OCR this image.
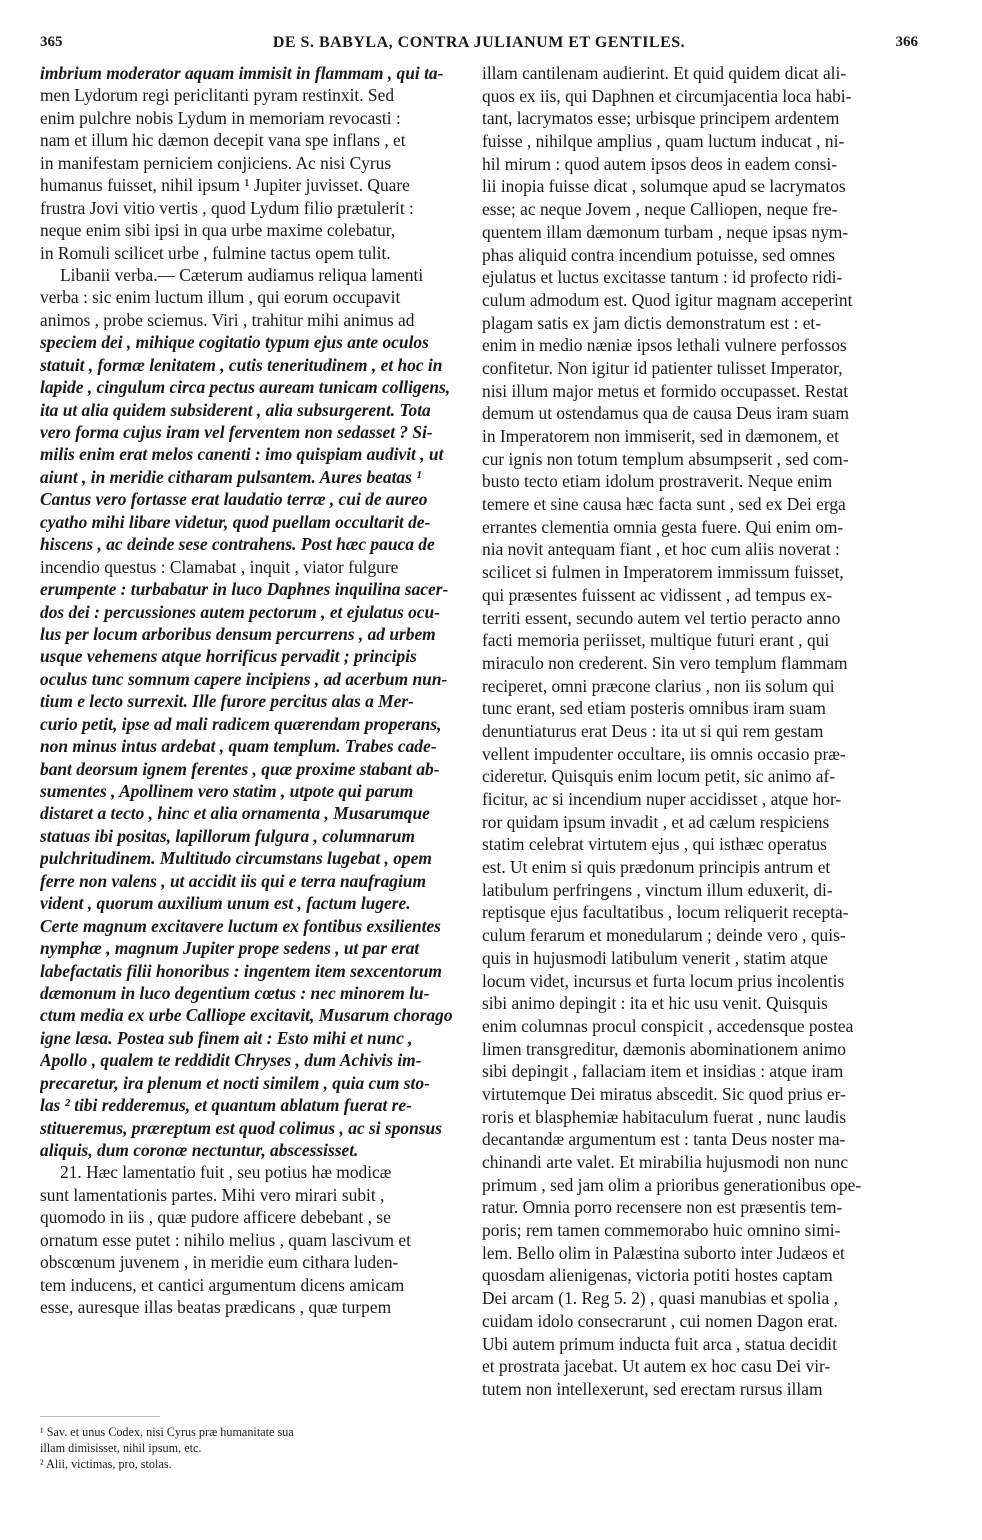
365	DE S. BABYLA, CONTRA JULIANUM ET GENTILES.	366
imbrium moderator aquam immisit in flammam , qui ta-
men Lydorum regi periclitanti pyram restinxit. Sed
enim pulchre nobis Lydum in memoriam revocasti :
nam et illum hic dæmon decepit vana spe inflans , et
in manifestam perniciem conjiciens. Ac nisi Cyrus
humanus fuisset, nihil ipsum ¹ Jupiter juvisset. Quare
frustra Jovi vitio vertis , quod Lydum filio prætulerit :
neque enim sibi ipsi in qua urbe maxime colebatur,
in Romuli scilicet urbe , fulmine tactus opem tulit.
Libanii verba.— Cæterum audiamus reliqua lamenti
verba : sic enim luctum illum , qui eorum occupavit
animos , probe sciemus. Viri , trahitur mihi animus ad
speciem dei , mihique cogitatio typum ejus ante oculos
statuit , formæ lenitatem , cutis teneritudinem , et hoc in
lapide , cingulum circa pectus auream tunicam colligens,
ita ut alia quidem subsiderent , alia subsurgerent. Tota
vero forma cujus iram vel ferventem non sedasset ? Si-
milis enim erat melos canenti : imo quispiam audivit , ut
aiunt , in meridie citharam pulsantem. Aures beatas ¹
Cantus vero fortasse erat laudatio terræ , cui de aureo
cyatho mihi libare videtur, quod puellam occultarit de-
hiscens , ac deinde sese contrahens. Post hæc pauca de
incendio questus : Clamabat , inquit , viator fulgure
erumpente : turbabatur in luco Daphnes inquilina sacer-
dos dei : percussiones autem pectorum , et ejulatus ocu-
lus per locum arboribus densum percurrens , ad urbem
usque vehemens atque horrificus pervadit ; principis
oculus tunc somnum capere incipiens , ad acerbum nun-
tium e lecto surrexit. Ille furore percitus alas a Mer-
curio petit, ipse ad mali radicem quærendam properans,
non minus intus ardebat , quam templum. Trabes cade-
bant deorsum ignem ferentes , quæ proxime stabant ab-
sumentes , Apollinem vero statim , utpote qui parum
distaret a tecto , hinc et alia ornamenta , Musarumque
statuas ibi positas, lapillorum fulgura , columnarum
pulchritudinem. Multitudo circumstans lugebat , opem
ferre non valens , ut accidit iis qui e terra naufragium
vident , quorum auxilium unum est , factum lugere.
Certe magnum excitavere luctum ex fontibus exsilientes
nymphæ , magnum Jupiter prope sedens , ut par erat
labefactatis filii honoribus : ingentem item sexcentorum
dæmonum in luco degentium cœtus : nec minorem lu-
ctum media ex urbe Calliope excitavit, Musarum chorago
igne læsa. Postea sub finem ait : Esto mihi et nunc ,
Apollo , qualem te reddidit Chryses , dum Achivis im-
precaretur, ira plenum et nocti similem , quia cum sto-
las ² tibi redderemus, et quantum ablatum fuerat re-
stitueremus, præreptum est quod colimus , ac si sponsus
aliquis, dum coronæ nectuntur, abscessisset.
21. Hæc lamentatio fuit , seu potius hæ modicæ
sunt lamentationis partes. Mihi vero mirari subit ,
quomodo in iis , quæ pudore afficere debebant , se
ornatum esse putet : nihilo melius , quam lascivum et
obscœnum juvenem , in meridie eum cithara luden-
tem inducens, et cantici argumentum dicens amicam
esse, auresque illas beatas prædicans , quæ turpem
illam cantilenam audierint. Et quid quidem dicat ali-
quos ex iis, qui Daphnen et circumjacentia loca habi-
tant, lacrymatos esse; urbisque principem ardentem
fuisse , nihilque amplius , quam luctum inducat , ni-
hil mirum : quod autem ipsos deos in eadem consi-
lii inopia fuisse dicat , solumque apud se lacrymatos
esse; ac neque Jovem , neque Calliopen, neque fre-
quentem illam dæmonum turbam , neque ipsas nym-
phas aliquid contra incendium potuisse, sed omnes
ejulatus et luctus excitasse tantum : id profecto ridi-
culum admodum est. Quod igitur magnam acceperint
plagam satis ex jam dictis demonstratum est : et-
enim in medio næniæ ipsos lethali vulnere perfossos
confitetur. Non igitur id patienter tulisset Imperator,
nisi illum major metus et formido occupasset. Restat
demum ut ostendamus qua de causa Deus iram suam
in Imperatorem non immiserit, sed in dæmonem, et
cur ignis non totum templum absumpserit , sed com-
busto tecto etiam idolum prostraverit. Neque enim
temere et sine causa hæc facta sunt , sed ex Dei erga
errantes clementia omnia gesta fuere. Qui enim om-
nia novit antequam fiant , et hoc cum aliis noverat :
scilicet si fulmen in Imperatorem immissum fuisset,
qui præsentes fuissent ac vidissent , ad tempus ex-
territi essent, secundo autem vel tertio peracto anno
facti memoria periisset, multique futuri erant , qui
miraculo non crederent. Sin vero templum flammam
reciperet, omni præcone clarius , non iis solum qui
tunc erant, sed etiam posteris omnibus iram suam
denuntiaturus erat Deus : ita ut si qui rem gestam
vellent impudenter occultare, iis omnis occasio præ-
cideretur. Quisquis enim locum petit, sic animo af-
ficitur, ac si incendium nuper accidisset , atque hor-
ror quidam ipsum invadit , et ad cælum respiciens
statim celebrat virtutem ejus , qui isthæc operatus
est. Ut enim si quis prædonum principis antrum et
latibulum perfringens , vinctum illum eduxerit, di-
reptisque ejus facultatibus , locum reliquerit recepta-
culum ferarum et monedularum ; deinde vero , quis-
quis in hujusmodi latibulum venerit , statim atque
locum videt, incursus et furta locum prius incolentis
sibi animo depingit : ita et hic usu venit. Quisquis
enim columnas procul conspicit , accedensque postea
limen transgreditur, dæmonis abominationem animo
sibi depingit , fallaciam item et insidias : atque iram
virtutemque Dei miratus abscedit. Sic quod prius er-
roris et blasphemiæ habitaculum fuerat , nunc laudis
decantandæ argumentum est : tanta Deus noster ma-
chinandi arte valet. Et mirabilia hujusmodi non nunc
primum , sed jam olim a prioribus generationibus ope-
ratur. Omnia porro recensere non est præsentis tem-
poris; rem tamen commemorabo huic omnino simi-
lem. Bello olim in Palæstina suborto inter Judæos et
quosdam alienigenas, victoria potiti hostes captam
Dei arcam (1. Reg 5. 2) , quasi manubias et spolia ,
cuidam idolo consecrarunt , cui nomen Dagon erat.
Ubi autem primum inducta fuit arca , statua decidit
et prostrata jacebat. Ut autem ex hoc casu Dei vir-
tutem non intellexerunt, sed erectam rursus illam
¹ Sav. et unus Codex, nisi Cyrus præ humanitate sua
illam dimisisset, nihil ipsum, etc.
² Alii, victimas, pro, stolas.
